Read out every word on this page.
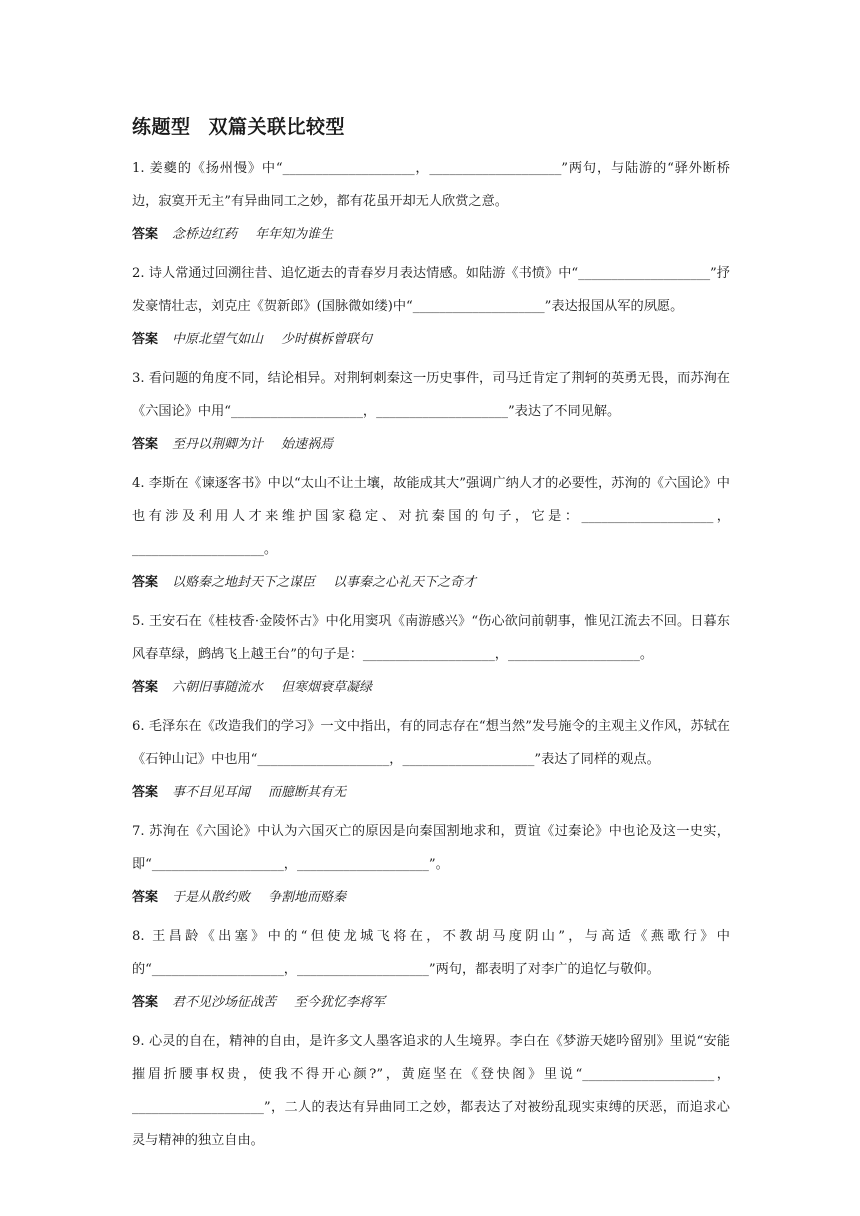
练题型 双篇关联比较型

1. 姜夔的《扬州慢》中“____________________，____________________”两句，与陆游的“驿外断桥边，寂寞开无主”有异曲同工之妙，都有花虽开却无人欣赏之意。

答案 念桥边红药 年年知为谁生

2. 诗人常通过回溯往昔、追忆逝去的青春岁月表达情感。如陆游《书愤》中“____________________”抒发豪情壮志，刘克庄《贺新郎》(国脉微如缕)中“____________________”表达报国从军的夙愿。

答案 中原北望气如山 少时棋柝曾联句

3. 看问题的角度不同，结论相异。对荆轲刺秦这一历史事件，司马迁肯定了荆轲的英勇无畏，而苏洵在《六国论》中用“____________________，____________________”表达了不同见解。

答案 至丹以荆卿为计 始速祸焉

4. 李斯在《谏逐客书》中以“太山不让土壤，故能成其大”强调广纳人才的必要性，苏洵的《六国论》中也有涉及利用人才来维护国家稳定、对抗秦国的句子，它是：____________________，____________________。

答案 以赂秦之地封天下之谋臣 以事秦之心礼天下之奇才

5. 王安石在《桂枝香·金陵怀古》中化用窦巩《南游感兴》“伤心欲问前朝事，惟见江流去不回。日暮东风春草绿，鹧鸪飞上越王台”的句子是：____________________，____________________。

答案 六朝旧事随流水 但寒烟衰草凝绿

6. 毛泽东在《改造我们的学习》一文中指出，有的同志存在“想当然”发号施令的主观主义作风，苏轼在《石钟山记》中也用“____________________，____________________”表达了同样的观点。

答案 事不目见耳闻 而臆断其有无

7. 苏洵在《六国论》中认为六国灭亡的原因是向秦国割地求和，贾谊《过秦论》中也论及这一史实，即“____________________，____________________”。

答案 于是从散约败 争割地而赂秦

8. 王昌龄《出塞》中的“但使龙城飞将在，不教胡马度阴山”，与高适《燕歌行》中的“____________________，____________________”两句，都表明了对李广的追忆与敬仰。

答案 君不见沙场征战苦 至今犹忆李将军

9. 心灵的自在，精神的自由，是许多文人墨客追求的人生境界。李白在《梦游天姥吟留别》里说“安能摧眉折腰事权贵，使我不得开心颜?”，黄庭坚在《登快阁》里说“____________________，____________________”，二人的表达有异曲同工之妙，都表达了对被纷乱现实束缚的厌恶，而追求心灵与精神的独立自由。
